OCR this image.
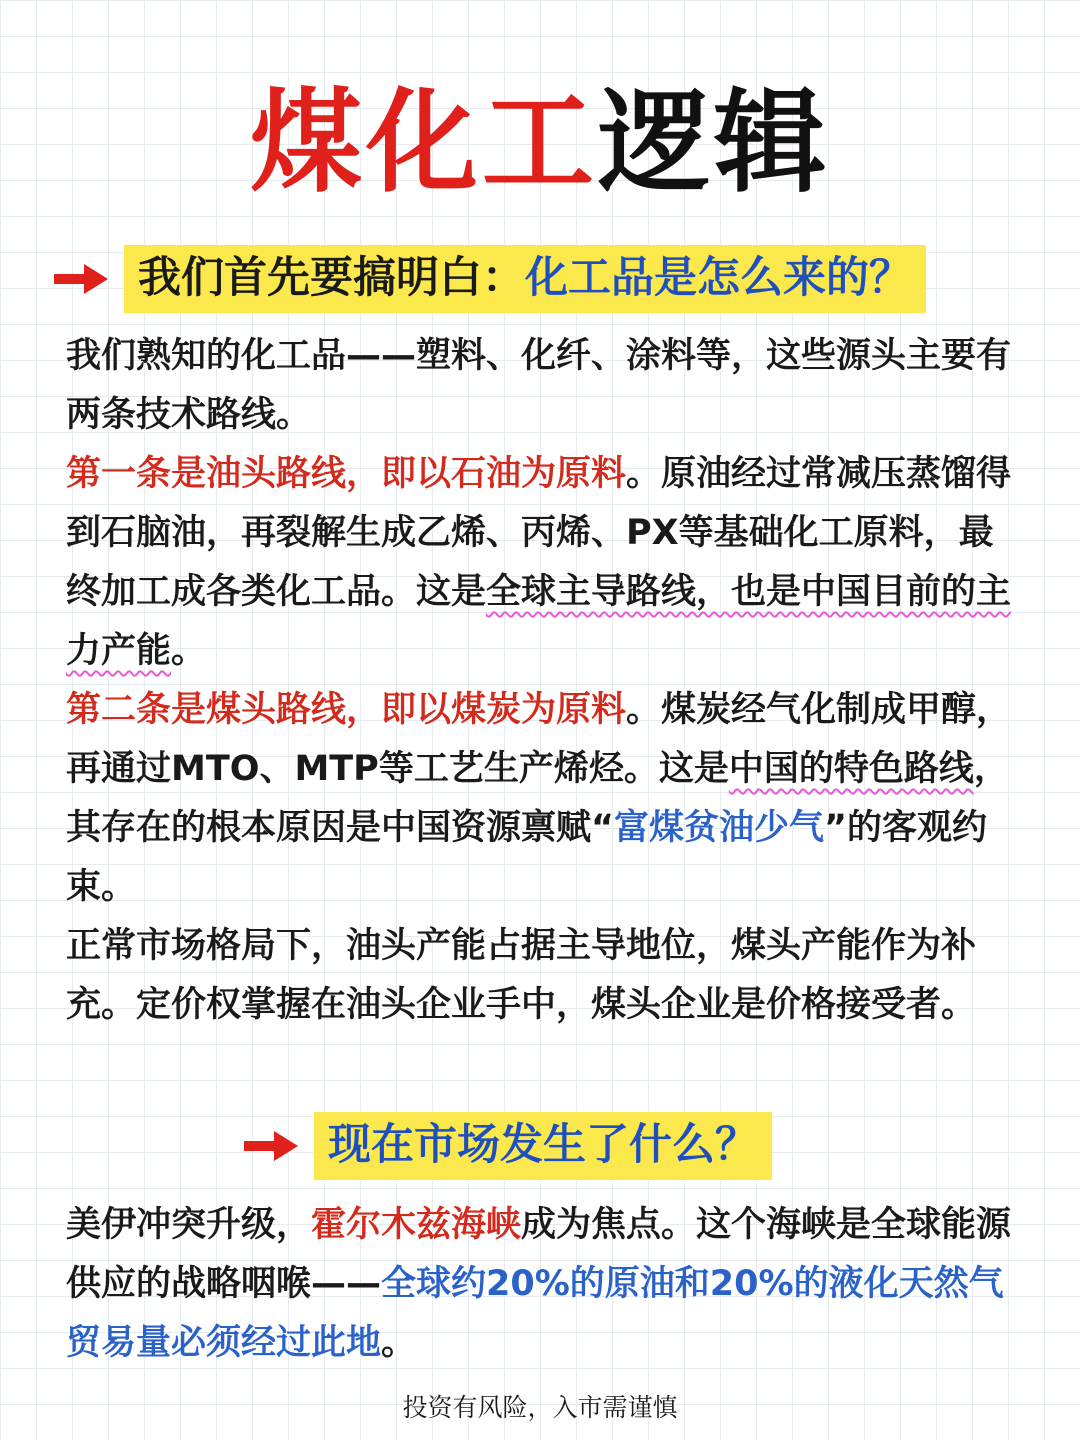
煤化工逻辑
我们首先要搞明白：化工品是怎么来的？

我们熟知的化工品——塑料、化纤、涂料等，这些源头主要有两条技术路线。

第一条是油头路线，即以石油为原料。原油经过常减压蒸馏得到石脑油，再裂解生成乙烯、丙烯、PX等基础化工原料，最终加工成各类化工品。这是全球主导路线，也是中国目前的主力产能。

第二条是煤头路线，即以煤炭为原料。煤炭经气化制成甲醇，再通过MTO、MTP等工艺生产烯烃。这是中国的特色路线，其存在的根本原因是中国资源禀赋“富煤贫油少气”的客观约束。

正常市场格局下，油头产能占据主导地位，煤头产能作为补充。定价权掌握在油头企业手中，煤头企业是价格接受者。

现在市场发生了什么？

美伊冲突升级，霍尔木兹海峡成为焦点。这个海峡是全球能源供应的战略咽喉——全球约20%的原油和20%的液化天然气贸易量必须经过此地。

投资有风险，入市需谨慎
